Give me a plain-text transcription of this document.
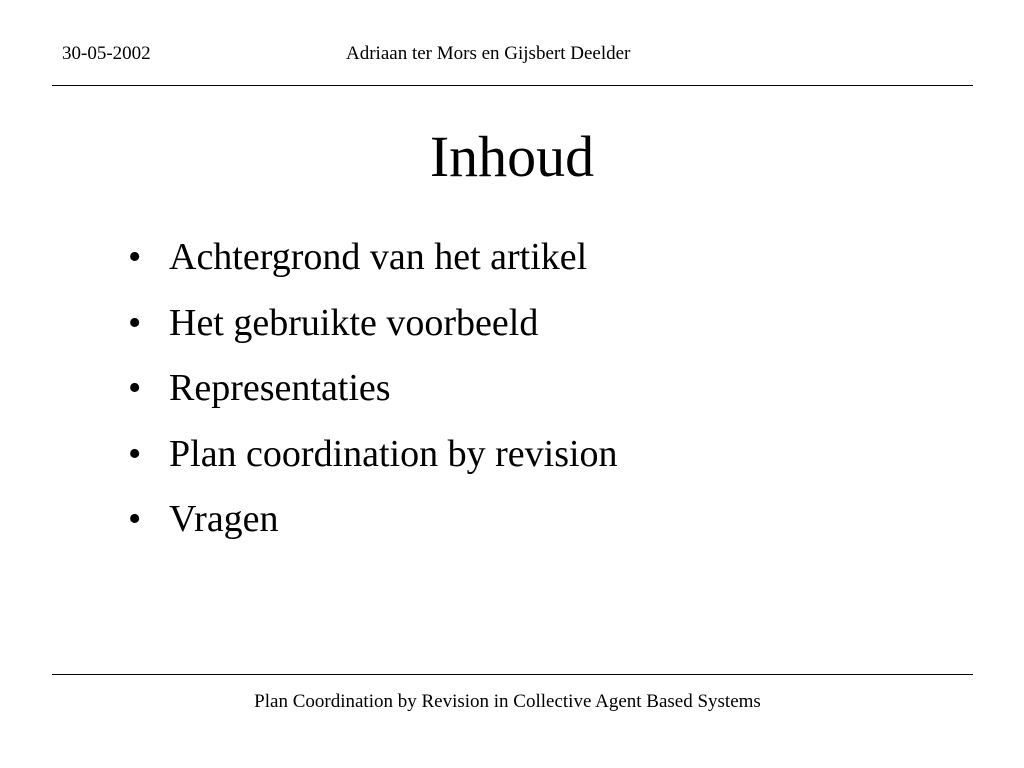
30-05-2002	Adriaan ter Mors en Gijsbert Deelder
Inhoud
• Achtergrond van het artikel
• Het gebruikte voorbeeld
• Representaties
• Plan coordination by revision
• Vragen
Plan Coordination by Revision in Collective Agent Based Systems
